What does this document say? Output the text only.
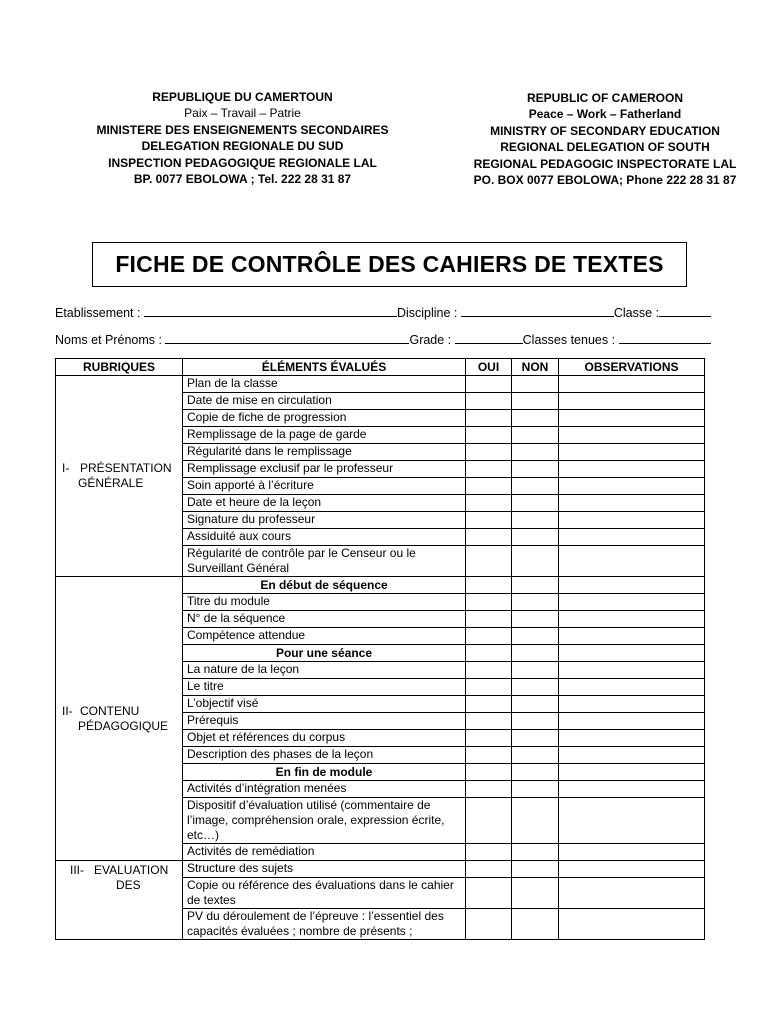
REPUBLIQUE DU CAMERTOUN
Paix – Travail – Patrie
MINISTERE DES ENSEIGNEMENTS SECONDAIRES
DELEGATION REGIONALE DU SUD
INSPECTION PEDAGOGIQUE REGIONALE LAL
BP. 0077 EBOLOWA ; Tel. 222 28 31 87
REPUBLIC OF CAMEROON
Peace – Work – Fatherland
MINISTRY OF SECONDARY EDUCATION
REGIONAL DELEGATION OF SOUTH
REGIONAL PEDAGOGIC INSPECTORATE LAL
PO. BOX 0077 EBOLOWA; Phone 222 28 31 87
FICHE DE CONTRÔLE DES CAHIERS DE TEXTES
Etablissement :	Discipline :	Classe :
Noms et Prénoms :	Grade :	Classes tenues :
RUBRIQUES	ÉLÉMENTS ÉVALUÉS	OUI	NON	OBSERVATIONS

I- PRÉSENTATION
GÉNÉRALE	Plan de la classe			
	Date de mise en circulation			
	Copie de fiche de progression			
	Remplissage de la page de garde			
	Régularité dans le remplissage			
	Remplissage exclusif par le professeur			
	Soin apporté à l’écriture			
	Date et heure de la leçon			
	Signature du professeur			
	Assiduité aux cours			
	Régularité de contrôle par le Censeur ou le Surveillant Général			

II- CONTENU
PÉDAGOGIQUE	En début de séquence			
	Titre du module			
	N° de la séquence			
	Compétence attendue			
	Pour une séance			
	La nature de la leçon			
	Le titre			
	L’objectif visé			
	Prérequis			
	Objet et références du corpus			
	Description des phases de la leçon			
	En fin de module			
	Activités d’intégration menées			
	Dispositif d’évaluation utilisé (commentaire de l’image, compréhension orale, expression écrite, etc…)			
	Activités de remédiation			

III- EVALUATION
DES	Structure des sujets			
	Copie ou référence des évaluations dans le cahier de textes			
	PV du déroulement de l’épreuve : l’essentiel des capacités évaluées ; nombre de présents ;			
